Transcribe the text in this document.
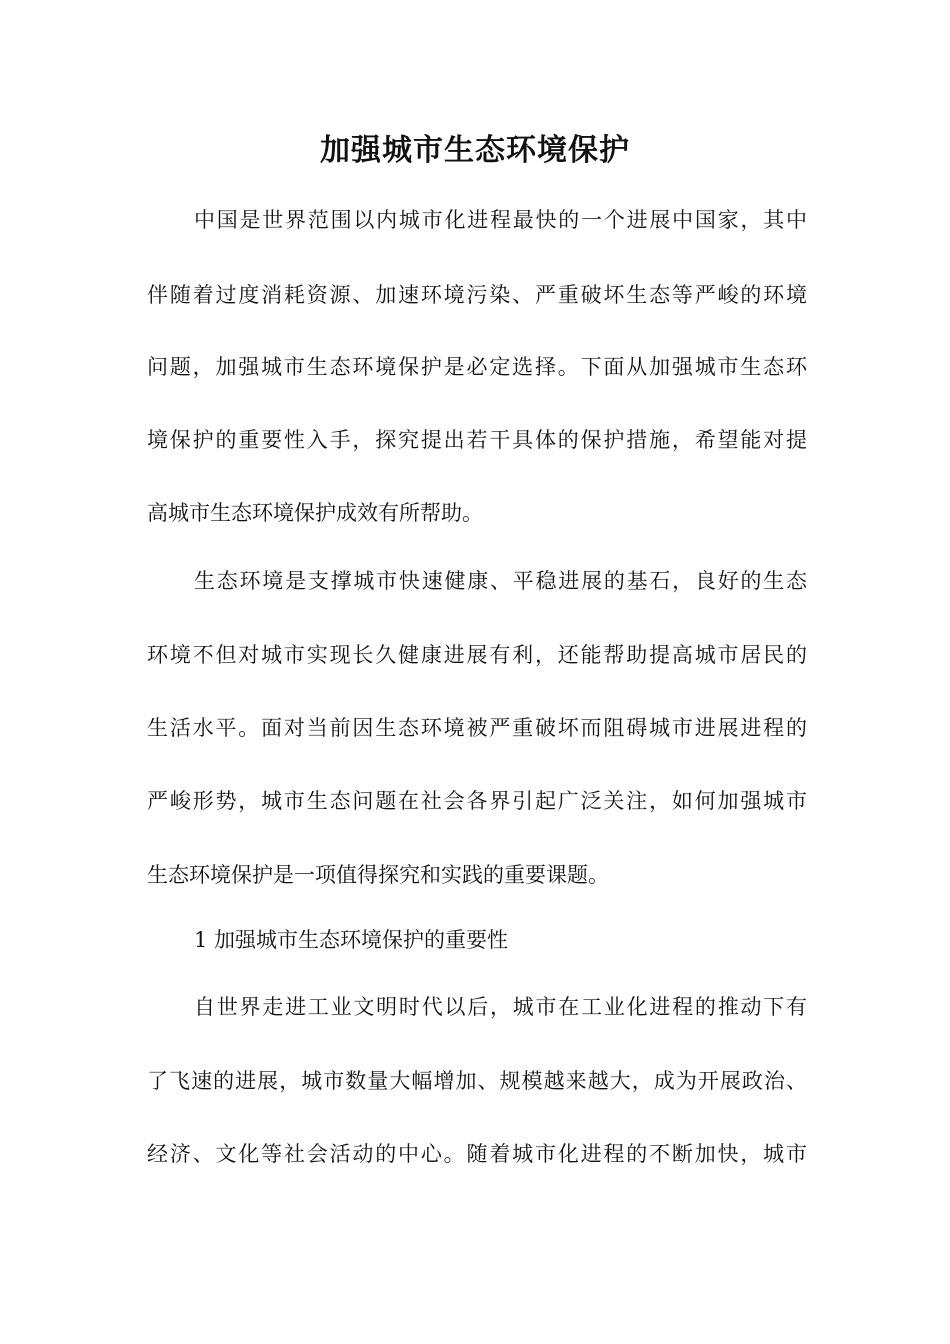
加强城市生态环境保护

中国是世界范围以内城市化进程最快的一个进展中国家，其中

伴随着过度消耗资源、加速环境污染、严重破坏生态等严峻的环境

问题，加强城市生态环境保护是必定选择。下面从加强城市生态环

境保护的重要性入手，探究提出若干具体的保护措施，希望能对提

高城市生态环境保护成效有所帮助。

生态环境是支撑城市快速健康、平稳进展的基石，良好的生态

环境不但对城市实现长久健康进展有利，还能帮助提高城市居民的

生活水平。面对当前因生态环境被严重破坏而阻碍城市进展进程的

严峻形势，城市生态问题在社会各界引起广泛关注，如何加强城市

生态环境保护是一项值得探究和实践的重要课题。

1 加强城市生态环境保护的重要性

自世界走进工业文明时代以后，城市在工业化进程的推动下有

了飞速的进展，城市数量大幅增加、规模越来越大，成为开展政治、

经济、文化等社会活动的中心。随着城市化进程的不断加快，城市
